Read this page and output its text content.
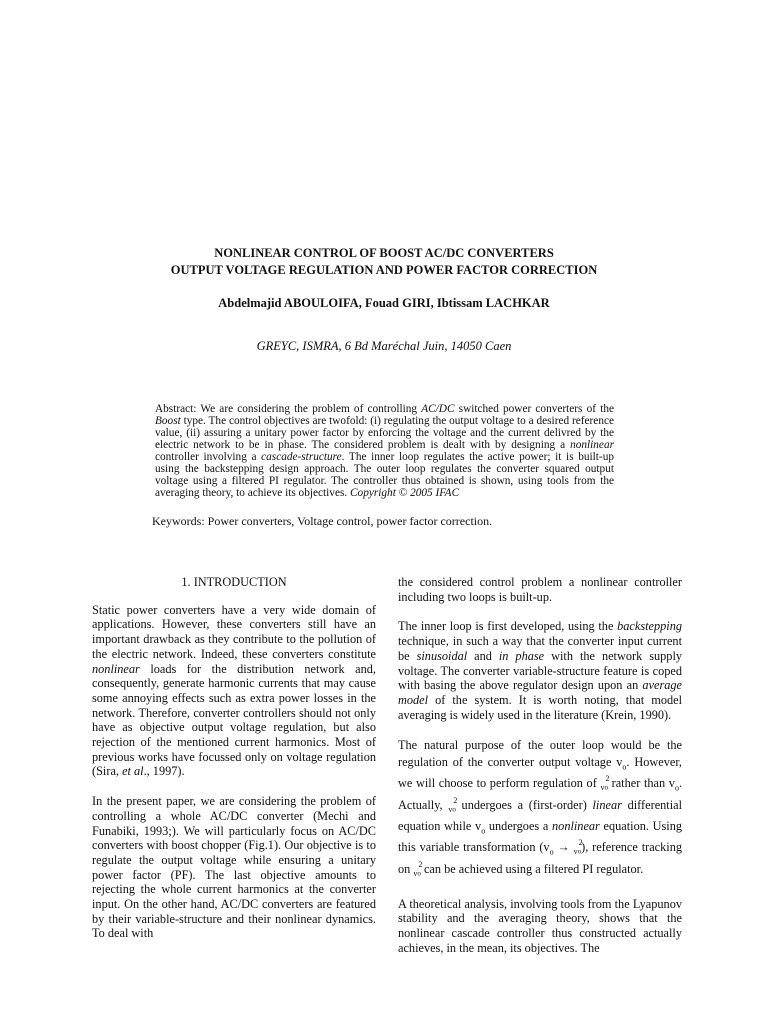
NONLINEAR CONTROL OF BOOST AC/DC CONVERTERS
OUTPUT VOLTAGE REGULATION AND POWER FACTOR CORRECTION
Abdelmajid ABOULOIFA, Fouad GIRI, Ibtissam LACHKAR
GREYC, ISMRA, 6 Bd Maréchal Juin, 14050 Caen
Abstract: We are considering the problem of controlling AC/DC switched power converters of the Boost type. The control objectives are twofold: (i) regulating the output voltage to a desired reference value, (ii) assuring a unitary power factor by enforcing the voltage and the current delivred by the electric network to be in phase. The considered problem is dealt with by designing a nonlinear controller involving a cascade-structure. The inner loop regulates the active power; it is built-up using the backstepping design approach. The outer loop regulates the converter squared output voltage using a filtered PI regulator. The controller thus obtained is shown, using tools from the averaging theory, to achieve its objectives. Copyright © 2005 IFAC
Keywords: Power converters, Voltage control, power factor correction.
1. INTRODUCTION

Static power converters have a very wide domain of applications. However, these converters still have an important drawback as they contribute to the pollution of the electric network. Indeed, these converters constitute nonlinear loads for the distribution network and, consequently, generate harmonic currents that may cause some annoying effects such as extra power losses in the network. Therefore, converter controllers should not only have as objective output voltage regulation, but also rejection of the mentioned current harmonics. Most of previous works have focussed only on voltage regulation (Sira, et al., 1997).

In the present paper, we are considering the problem of controlling a whole AC/DC converter (Mechi and Funabiki, 1993;). We will particularly focus on AC/DC converters with boost chopper (Fig.1). Our objective is to regulate the output voltage while ensuring a unitary power factor (PF). The last objective amounts to rejecting the whole current harmonics at the converter input. On the other hand, AC/DC converters are featured by their variable-structure and their nonlinear dynamics. To deal with

the considered control problem a nonlinear controller including two loops is built-up.

The inner loop is first developed, using the backstepping technique, in such a way that the converter input current be sinusoidal and in phase with the network supply voltage. The converter variable-structure feature is coped with basing the above regulator design upon an average model of the system. It is worth noting, that model averaging is widely used in the literature (Krein, 1990).

The natural purpose of the outer loop would be the regulation of the converter output voltage $v_o$. However, we will choose to perform regulation of v
2
$_o$ rather than $v_o$. Actually, v
2
$_o$ undergoes a (first-order) linear differential equation while $v_o$ undergoes a nonlinear equation. Using this variable transformation ($v_o \to v$
2
$_o$), reference tracking on v
2
$_o$ can be achieved using a filtered PI regulator.

A theoretical analysis, involving tools from the Lyapunov stability and the averaging theory, shows that the nonlinear cascade controller thus constructed actually achieves, in the mean, its objectives. The
